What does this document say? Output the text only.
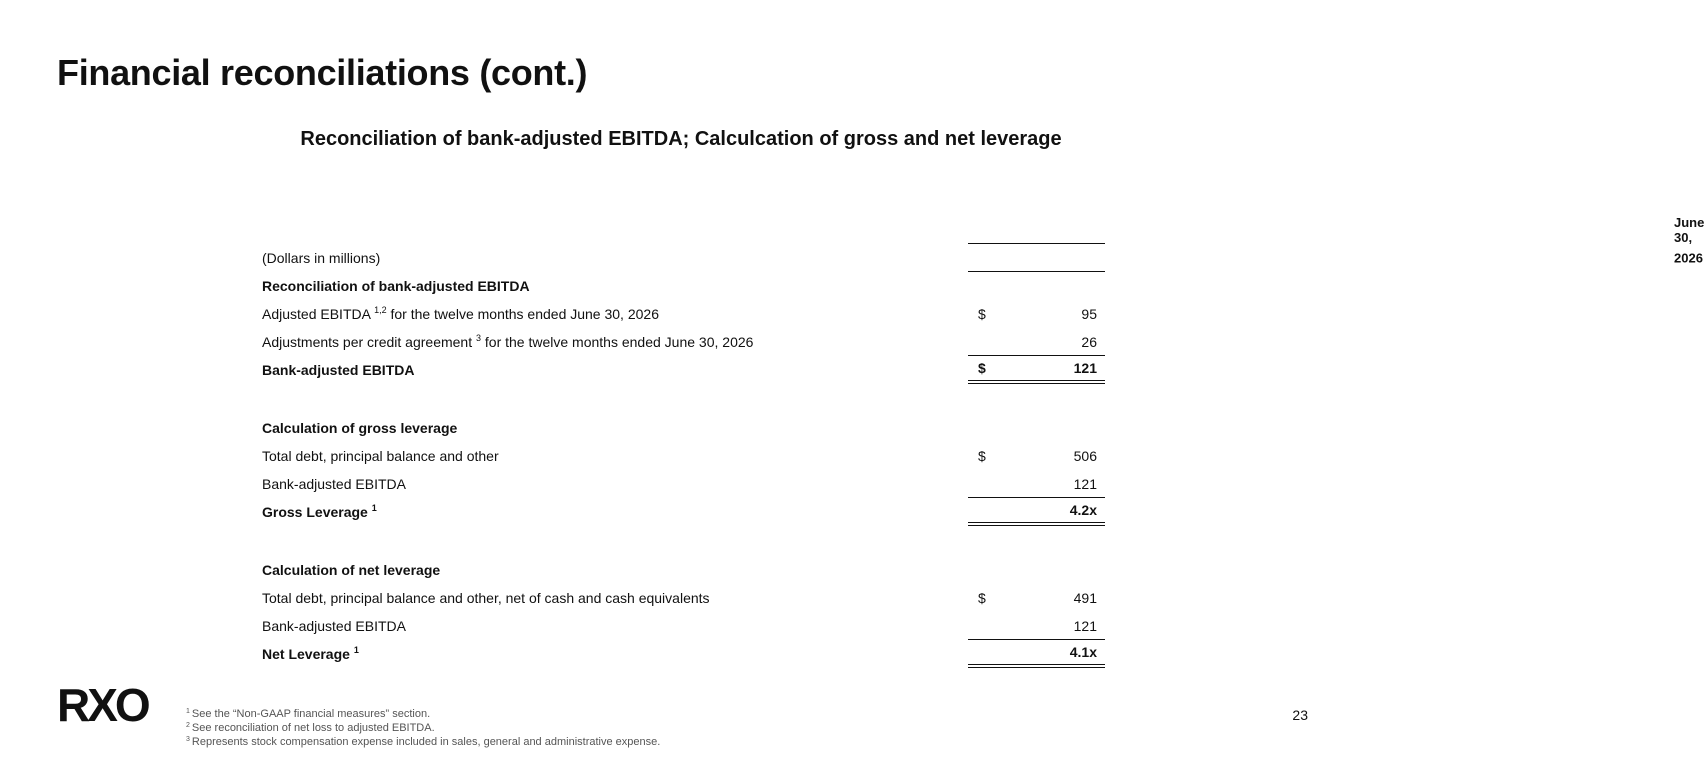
Financial reconciliations (cont.)
Reconciliation of bank-adjusted EBITDA; Calculcation of gross and net leverage
June 30,
(Dollars in millions)	2026
Reconciliation of bank-adjusted EBITDA
Adjusted EBITDA $^{1,2}$ for the twelve months ended June 30, 2026	$	95
Adjustments per credit agreement $^3$ for the twelve months ended June 30, 2026	26
Bank-adjusted EBITDA	$	121
Calculation of gross leverage
Total debt, principal balance and other	$	506
Bank-adjusted EBITDA	121
Gross Leverage $^1$	4.2x
Calculation of net leverage
Total debt, principal balance and other, net of cash and cash equivalents	$	491
Bank-adjusted EBITDA	121
Net Leverage $^1$	4.1x
RXO	$^1$ See the “Non-GAAP financial measures” section.
$^2$ See reconciliation of net loss to adjusted EBITDA.
$^3$ Represents stock compensation expense included in sales, general and administrative expense.
23
